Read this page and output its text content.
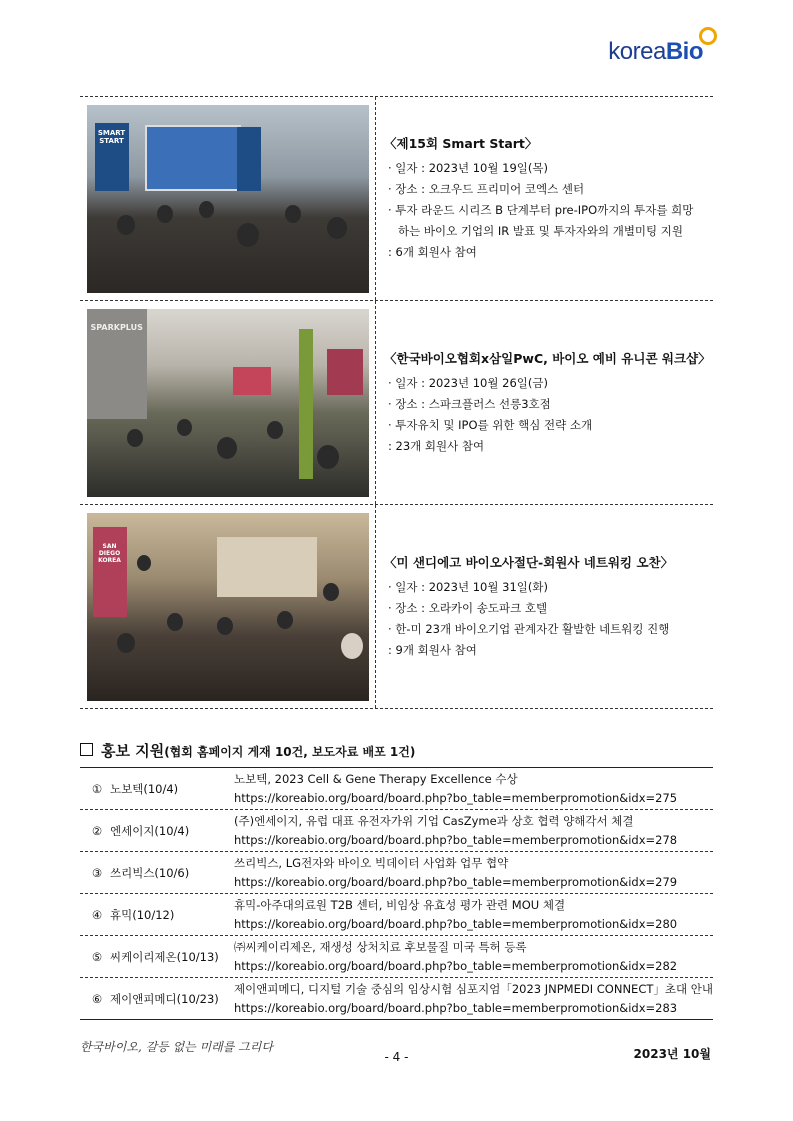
koreaBio
SMART START	〈제15회 Smart Start〉
· 일자 : 2023년 10월 19일(목)
· 장소 : 오크우드 프리미어 코엑스 센터
· 투자 라운드 시리즈 B 단계부터 pre-IPO까지의 투자를 희망
하는 바이오 기업의 IR 발표 및 투자자와의 개별미팅 지원
: 6개 회원사 참여
SPARKPLUS
〈한국바이오협회x삼일PwC, 바이오 예비 유니콘 워크샵〉
· 일자 : 2023년 10월 26일(금)
· 장소 : 스파크플러스 선릉3호점
· 투자유치 및 IPO를 위한 핵심 전략 소개
: 23개 회원사 참여
SAN DIEGO KOREA	〈미 샌디에고 바이오사절단-회원사 네트워킹 오찬〉
· 일자 : 2023년 10월 31일(화)
· 장소 : 오라카이 송도파크 호텔
· 한-미 23개 바이오기업 관계자간 활발한 네트워킹 진행
: 9개 회원사 참여
홍보 지원(협회 홈페이지 게재 10건, 보도자료 배포 1건)
① 노보텍(10/4)
노보텍, 2023 Cell & Gene Therapy Excellence 수상
https://koreabio.org/board/board.php?bo_table=memberpromotion&idx=275
② 엔세이지(10/4)
(주)엔세이지, 유럽 대표 유전자가위 기업 CasZyme과 상호 협력 양해각서 체결
https://koreabio.org/board/board.php?bo_table=memberpromotion&idx=278
③ 쓰리빅스(10/6)
쓰리빅스, LG전자와 바이오 빅데이터 사업화 업무 협약
https://koreabio.org/board/board.php?bo_table=memberpromotion&idx=279
④ 휴믹(10/12)
휴믹-아주대의료원 T2B 센터, 비임상 유효성 평가 관련 MOU 체결
https://koreabio.org/board/board.php?bo_table=memberpromotion&idx=280
⑤ 씨케이리제온(10/13)
㈜씨케이리제온, 재생성 상처치료 후보물질 미국 특허 등록
https://koreabio.org/board/board.php?bo_table=memberpromotion&idx=282
⑥ 제이앤피메디(10/23)
제이앤피메디, 디지털 기술 중심의 임상시험 심포지엄「2023 JNPMEDI CONNECT」초대 안내
https://koreabio.org/board/board.php?bo_table=memberpromotion&idx=283
한국바이오, 갈등 없는 미래를 그리다
- 4 -	2023년 10월
